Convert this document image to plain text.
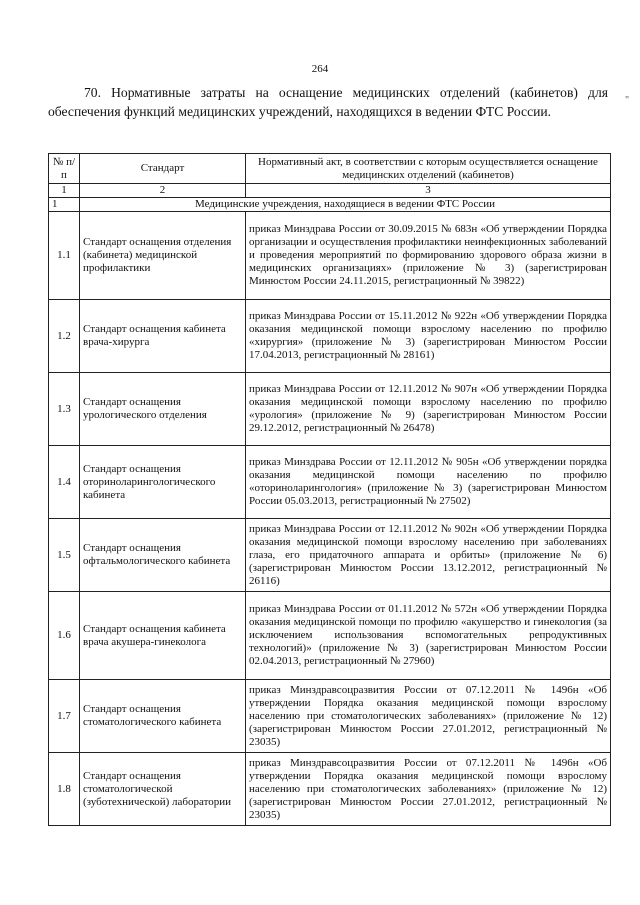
264

70. Нормативные затраты на оснащение медицинских отделений (кабинетов) для обеспечения функций медицинских учреждений, находящихся в ведении ФТС России.

"
№ п/п	Стандарт	Нормативный акт, в соответствии с которым осуществляется оснащение медицинских отделений (кабинетов)
1	2	3
1	Медицинские учреждения, находящиеся в ведении ФТС России	
1.1	Стандарт оснащения отделения (кабинета) медицинской профилактики	приказ Минздрава России от 30.09.2015 № 683н «Об утверждении Порядка организации и осуществления профилактики неинфекционных заболеваний и проведения мероприятий по формированию здорового образа жизни в медицинских организациях» (приложение № 3) (зарегистрирован Минюстом России 24.11.2015, регистрационный № 39822)
1.2	Стандарт оснащения кабинета врача-хирурга	приказ Минздрава России от 15.11.2012 № 922н «Об утверждении Порядка оказания медицинской помощи взрослому населению по профилю «хирургия» (приложение № 3) (зарегистрирован Минюстом России 17.04.2013, регистрационный № 28161)
1.3	Стандарт оснащения урологического отделения	приказ Минздрава России от 12.11.2012 № 907н «Об утверждении Порядка оказания медицинской помощи взрослому населению по профилю «урология» (приложение № 9) (зарегистрирован Минюстом России 29.12.2012, регистрационный № 26478)
1.4	Стандарт оснащения оториноларингологического кабинета	приказ Минздрава России от 12.11.2012 № 905н «Об утверждении порядка оказания медицинской помощи населению по профилю «оториноларингология» (приложение № 3) (зарегистрирован Минюстом России 05.03.2013, регистрационный № 27502)
1.5	Стандарт оснащения офтальмологического кабинета	приказ Минздрава России от 12.11.2012 № 902н «Об утверждении Порядка оказания медицинской помощи взрослому населению при заболеваниях глаза, его придаточного аппарата и орбиты» (приложение № 6) (зарегистрирован Минюстом России 13.12.2012, регистрационный № 26116)
1.6	Стандарт оснащения кабинета врача акушера-гинеколога	приказ Минздрава России от 01.11.2012 № 572н «Об утверждении Порядка оказания медицинской помощи по профилю «акушерство и гинекология (за исключением использования вспомогательных репродуктивных технологий)» (приложение № 3) (зарегистрирован Минюстом России 02.04.2013, регистрационный № 27960)
1.7	Стандарт оснащения стоматологического кабинета	приказ Минздравсоцразвития России от 07.12.2011 № 1496н «Об утверждении Порядка оказания медицинской помощи взрослому населению при стоматологических заболеваниях» (приложение № 12) (зарегистрирован Минюстом России 27.01.2012, регистрационный № 23035)
1.8	Стандарт оснащения стоматологической (зуботехнической) лаборатории	приказ Минздравсоцразвития России от 07.12.2011 № 1496н «Об утверждении Порядка оказания медицинской помощи взрослому населению при стоматологических заболеваниях» (приложение № 12) (зарегистрирован Минюстом России 27.01.2012, регистрационный № 23035)
